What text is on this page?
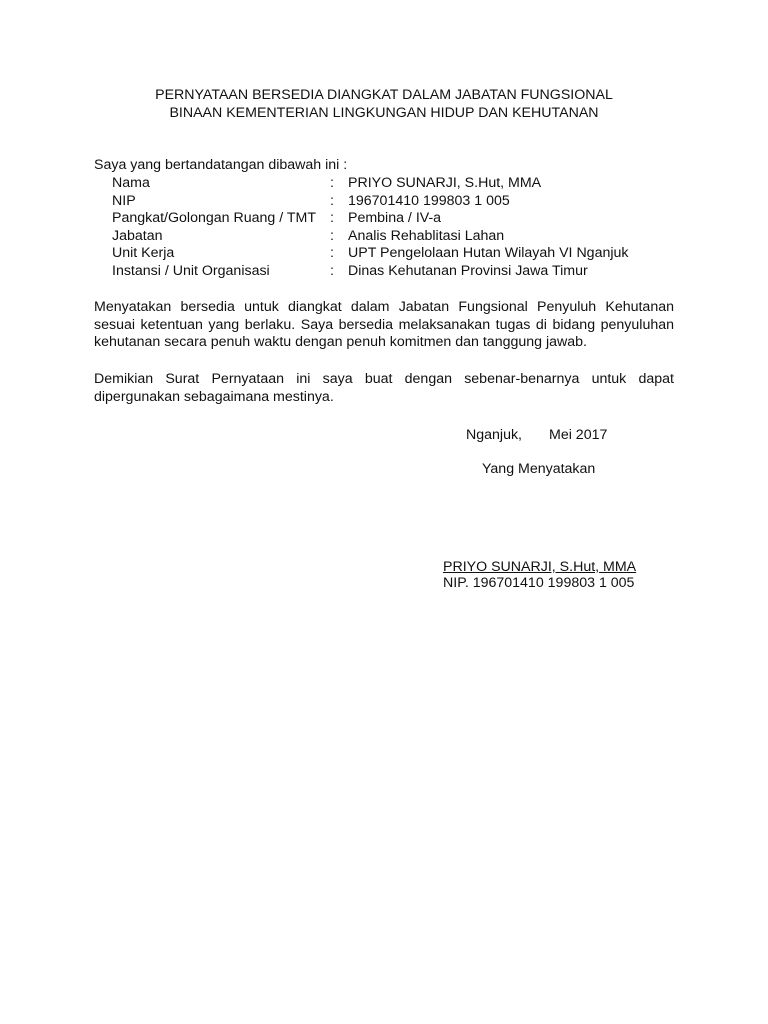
PERNYATAAN BERSEDIA DIANGKAT DALAM JABATAN FUNGSIONAL
BINAAN KEMENTERIAN LINGKUNGAN HIDUP DAN KEHUTANAN
Saya yang bertandatangan dibawah ini :
Nama	: PRIYO SUNARJI, S.Hut, MMA
NIP	: 196701410 199803 1 005
Pangkat/Golongan Ruang / TMT : Pembina / IV-a
Jabatan	: Analis Rehablitasi Lahan
Unit Kerja	: UPT Pengelolaan Hutan Wilayah VI Nganjuk
Instansi / Unit Organisasi	: Dinas Kehutanan Provinsi Jawa Timur
Menyatakan bersedia untuk diangkat dalam Jabatan Fungsional Penyuluh Kehutanan sesuai ketentuan yang berlaku. Saya bersedia melaksanakan tugas di bidang penyuluhan kehutanan secara penuh waktu dengan penuh komitmen dan tanggung jawab.
Demikian Surat Pernyataan ini saya buat dengan sebenar-benarnya untuk dapat dipergunakan sebagaimana mestinya.
Nganjuk, Mei 2017
Yang Menyatakan
PRIYO SUNARJI, S.Hut, MMA
NIP. 196701410 199803 1 005
